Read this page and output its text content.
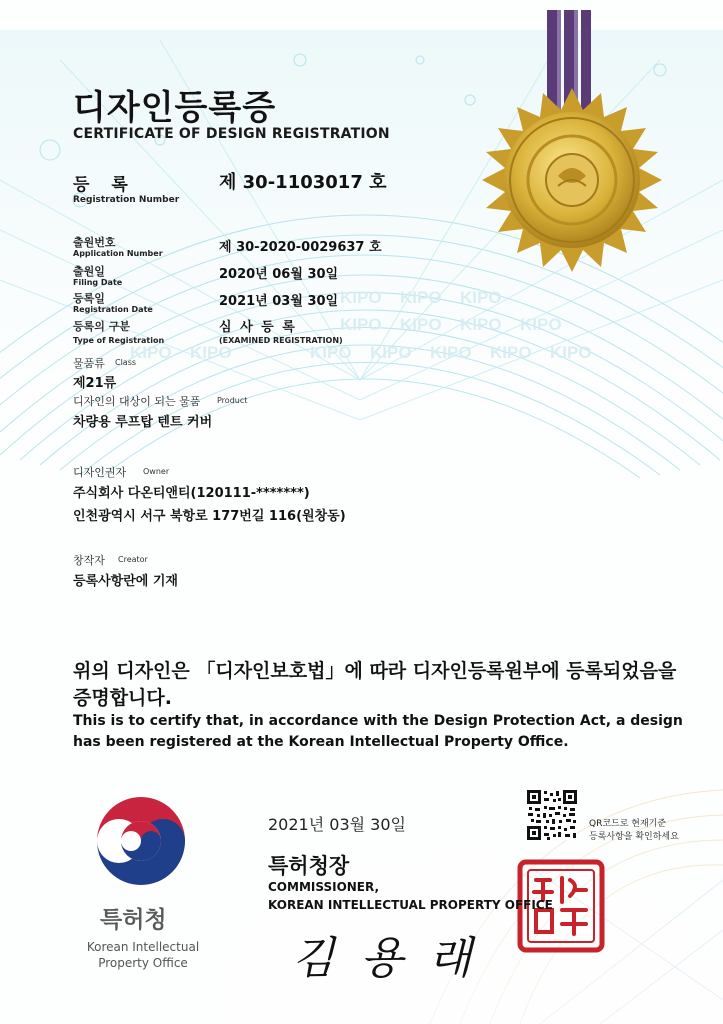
KIPO KIPO KIPO
KIPO KIPO KIPO KIPO
KIPO KIPO	KIPO KIPO KIPO KIPO KIPO
디자인등록증
CERTIFICATE OF DESIGN REGISTRATION
등 록
Registration Number
제 30-1103017 호
출원번호
Application Number	제 30-2020-0029637 호
출원일
Filing Date
2020년 06월 30일
등록일
Registration Date
2021년 03월 30일
등록의 구분
Type of Registration
심 사 등 록
(EXAMINED REGISTRATION)
물품류 Class
제21류
디자인의 대상이 되는 물품 Product
차량용 루프탑 텐트 커버
디자인권자 Owner
주식회사 다온티앤티(120111-*******)
인천광역시 서구 북항로 177번길 116(원창동)
창작자 Creator
등록사항란에 기재
위의 디자인은 「디자인보호법」에 따라 디자인등록원부에 등록되었음을
증명합니다.
This is to certify that, in accordance with the Design Protection Act, a design
has been registered at the Korean Intellectual Property Office.
특허청
Korean Intellectual
Property Office
2021년 03월 30일
특허청장
COMMISSIONER,
KOREAN INTELLECTUAL PROPERTY OFFICE
김 용 래
QR코드로 현재기준
등록사항을 확인하세요
